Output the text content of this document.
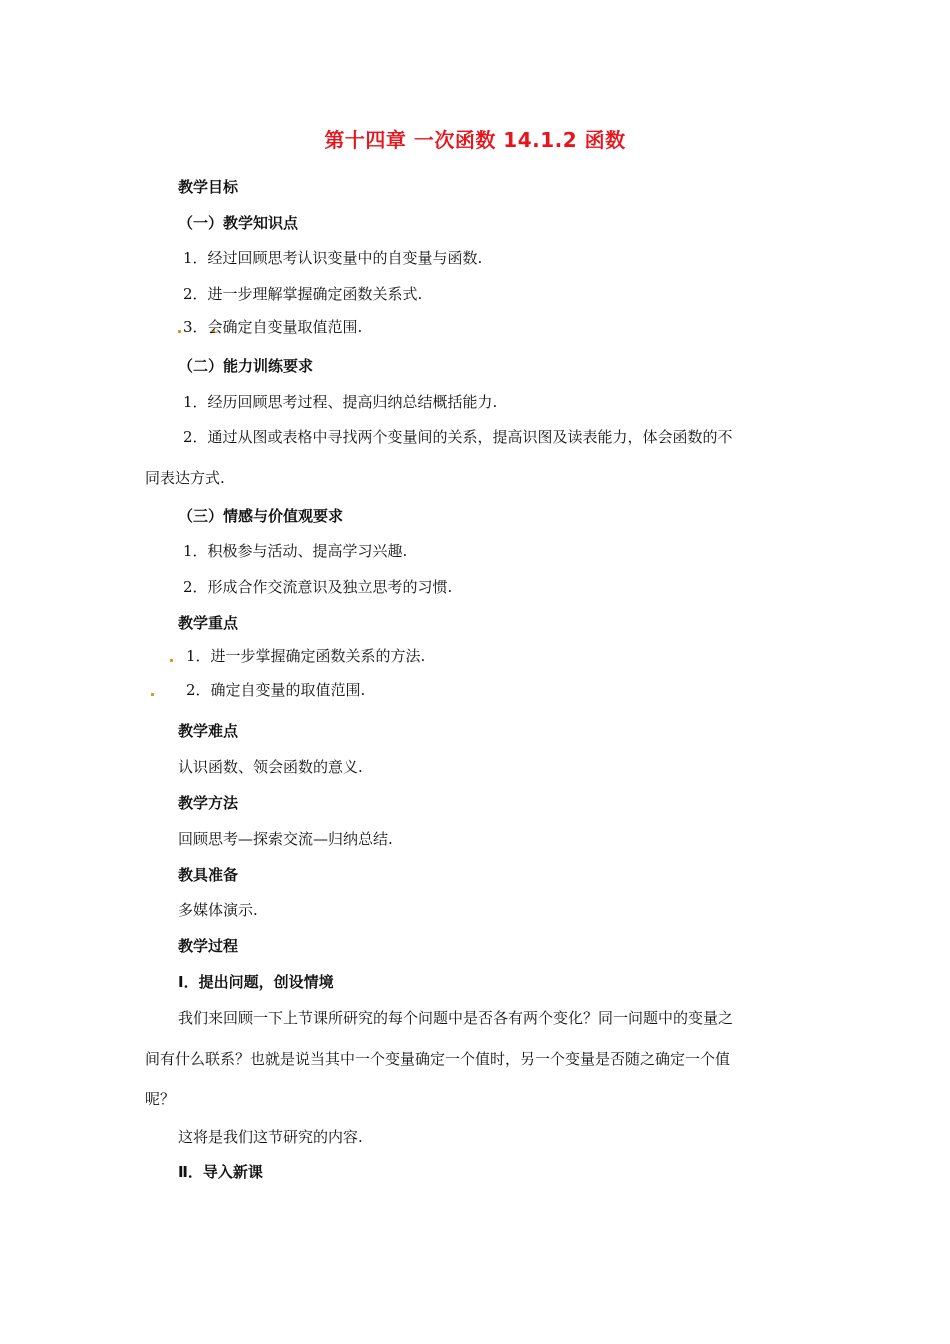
第十四章 一次函数 14.1.2 函数
教学目标
（一）教学知识点
1．经过回顾思考认识变量中的自变量与函数.
2．进一步理解掌握确定函数关系式.
3．会确定自变量取值范围.
（二）能力训练要求
1．经历回顾思考过程、提高归纳总结概括能力.
2．通过从图或表格中寻找两个变量间的关系，提高识图及读表能力，体会函数的不
同表达方式.
（三）情感与价值观要求
1．积极参与活动、提高学习兴趣.
2．形成合作交流意识及独立思考的习惯.
教学重点
1．进一步掌握确定函数关系的方法.
2．确定自变量的取值范围.
教学难点
认识函数、领会函数的意义.
教学方法
回顾思考—探索交流—归纳总结.
教具准备
多媒体演示.
教学过程
Ⅰ．提出问题，创设情境
我们来回顾一下上节课所研究的每个问题中是否各有两个变化？同一问题中的变量之
间有什么联系？也就是说当其中一个变量确定一个值时，另一个变量是否随之确定一个值
呢？
这将是我们这节研究的内容.
Ⅱ．导入新课
